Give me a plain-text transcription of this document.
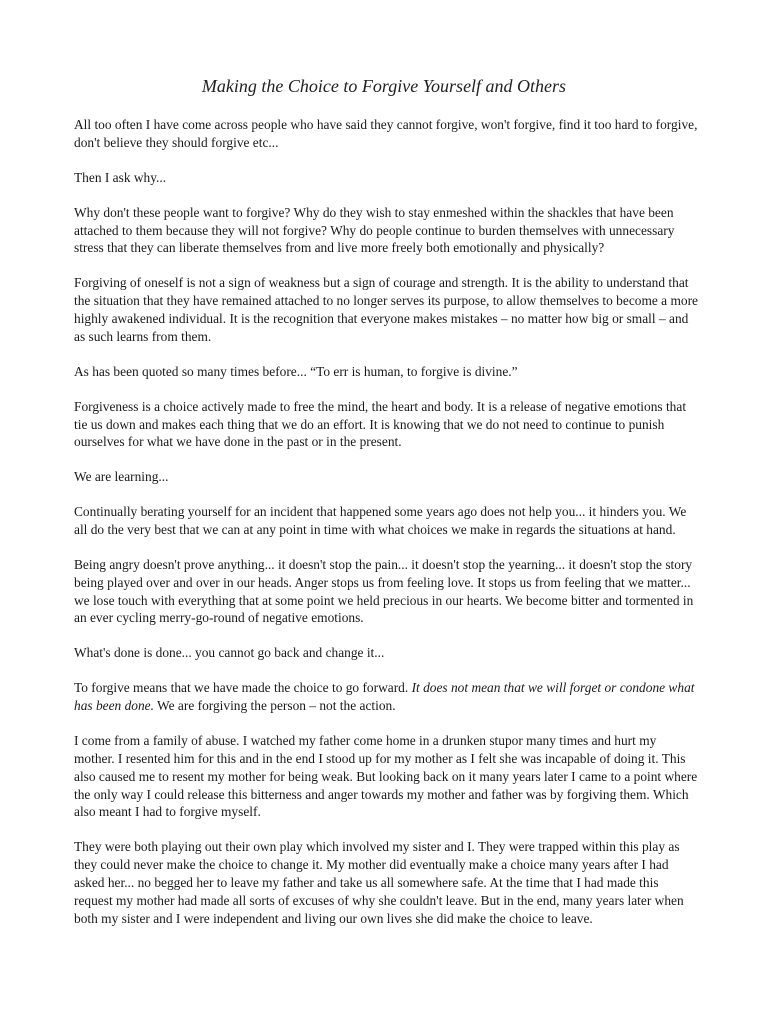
Making the Choice to Forgive Yourself and Others

All too often I have come across people who have said they cannot forgive, won't forgive, find it too hard to forgive, don't believe they should forgive etc...

Then I ask why...

Why don't these people want to forgive? Why do they wish to stay enmeshed within the shackles that have been attached to them because they will not forgive? Why do people continue to burden themselves with unnecessary stress that they can liberate themselves from and live more freely both emotionally and physically?

Forgiving of oneself is not a sign of weakness but a sign of courage and strength. It is the ability to understand that the situation that they have remained attached to no longer serves its purpose, to allow themselves to become a more highly awakened individual. It is the recognition that everyone makes mistakes – no matter how big or small – and as such learns from them.

As has been quoted so many times before... “To err is human, to forgive is divine.”

Forgiveness is a choice actively made to free the mind, the heart and body. It is a release of negative emotions that tie us down and makes each thing that we do an effort. It is knowing that we do not need to continue to punish ourselves for what we have done in the past or in the present.

We are learning...

Continually berating yourself for an incident that happened some years ago does not help you... it hinders you. We all do the very best that we can at any point in time with what choices we make in regards the situations at hand.

Being angry doesn't prove anything... it doesn't stop the pain... it doesn't stop the yearning... it doesn't stop the story being played over and over in our heads. Anger stops us from feeling love. It stops us from feeling that we matter... we lose touch with everything that at some point we held precious in our hearts. We become bitter and tormented in an ever cycling merry-go-round of negative emotions.

What's done is done... you cannot go back and change it...

To forgive means that we have made the choice to go forward. It does not mean that we will forget or condone what has been done. We are forgiving the person – not the action.

I come from a family of abuse. I watched my father come home in a drunken stupor many times and hurt my mother. I resented him for this and in the end I stood up for my mother as I felt she was incapable of doing it. This also caused me to resent my mother for being weak. But looking back on it many years later I came to a point where the only way I could release this bitterness and anger towards my mother and father was by forgiving them. Which also meant I had to forgive myself.

They were both playing out their own play which involved my sister and I. They were trapped within this play as they could never make the choice to change it. My mother did eventually make a choice many years after I had asked her... no begged her to leave my father and take us all somewhere safe. At the time that I had made this request my mother had made all sorts of excuses of why she couldn't leave. But in the end, many years later when both my sister and I were independent and living our own lives she did make the choice to leave.
